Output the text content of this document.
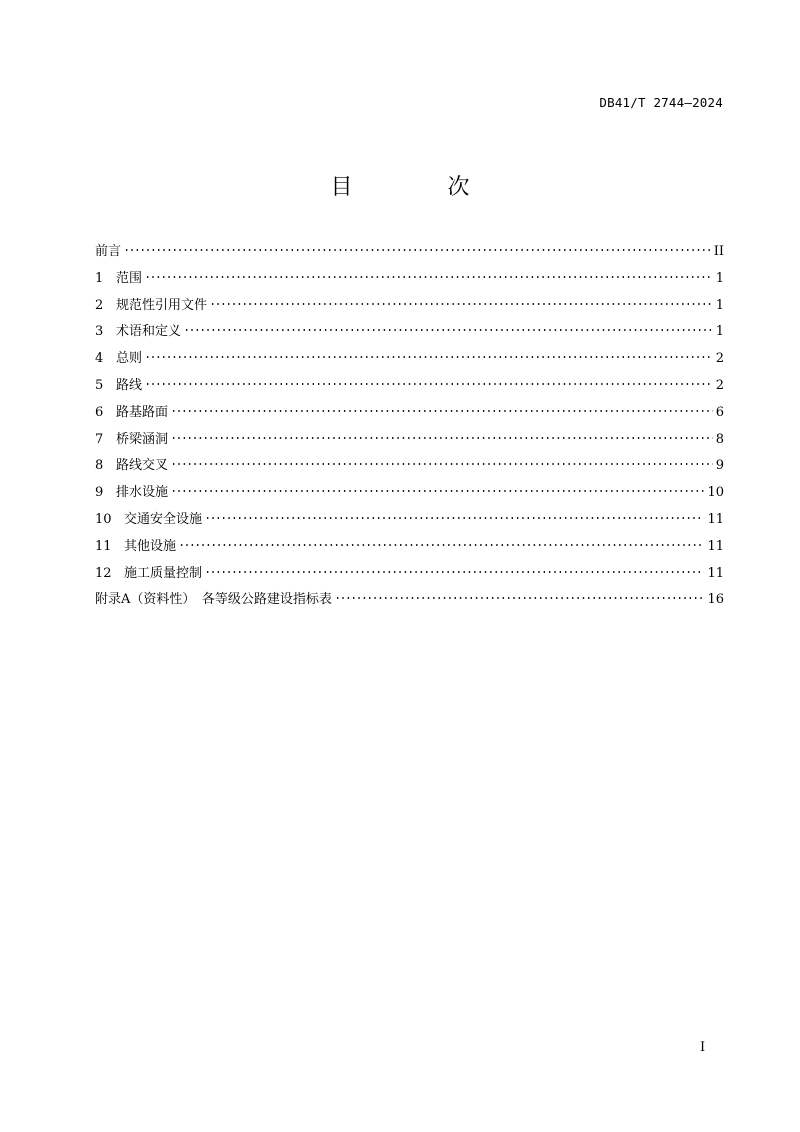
DB41/T 2744—2024
目 次
前言	II
1 范围	1
2 规范性引用文件	1
3 术语和定义	1
4 总则	2
5 路线	2
6 路基路面	6
7 桥梁涵洞	8
8 路线交叉	9
9 排水设施	10
10 交通安全设施	11
11 其他设施	11
12 施工质量控制	11
附录A（资料性）　各等级公路建设指标表	16
I
